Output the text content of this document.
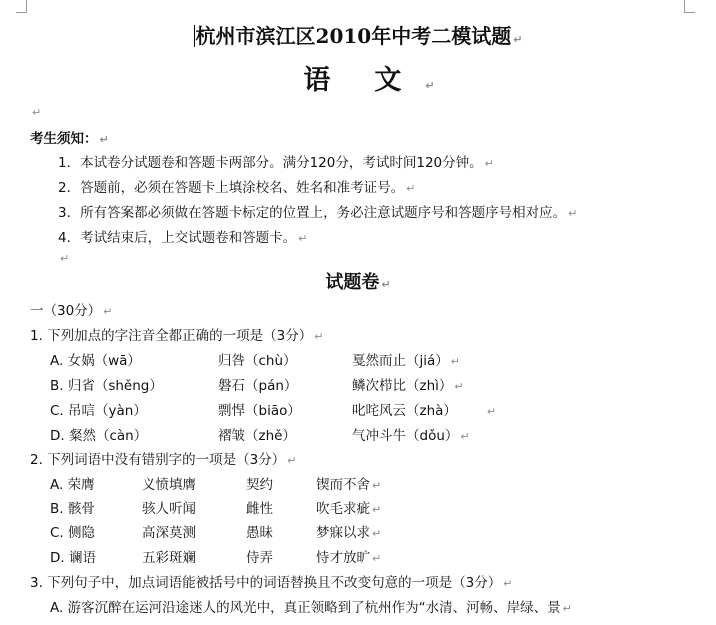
杭州市滨江区2010年中考二模试题 ↵
语 文 ↵
↵
考生须知： ↵
1．本试卷分试题卷和答题卡两部分。满分120分，考试时间120分钟。 ↵
2．答题前，必须在答题卡上填涂校名、姓名和准考证号。 ↵
3．所有答案都必须做在答题卡标定的位置上，务必注意试题序号和答题序号相对应。 ↵
4．考试结束后，上交试题卷和答题卡。 ↵
↵
试题卷 ↵
一（30分） ↵
1. 下列加点的字注音全都正确的一项是（3分） ↵
A. 女娲（wā）	归咎（chù）	戛然而止（jiá） ↵
B. 归省（shěng）	磐石（pán）	鳞次栉比（zhì） ↵
C. 吊唁（yàn）	剽悍（biāo）	叱咤风云（zhà）	↵
D. 粲然（càn）	褶皱（zhě）	气冲斗牛（dǒu） ↵
2. 下列词语中没有错别字的一项是（3分） ↵
A. 荣膺	义愤填膺	契约	锲而不舍 ↵
B. 骸骨	骇人听闻	雌性	吹毛求疵 ↵
C. 侧隐	高深莫测	愚昧	梦寐以求 ↵
D. 谰语	五彩斑斓	侍弄	恃才放旷 ↵
3. 下列句子中，加点词语能被括号中的词语替换且不改变句意的一项是（3分） ↵
A. 游客沉醉在运河沿途迷人的风光中，真正领略到了杭州作为“水清、河畅、岸绿、景 ↵
